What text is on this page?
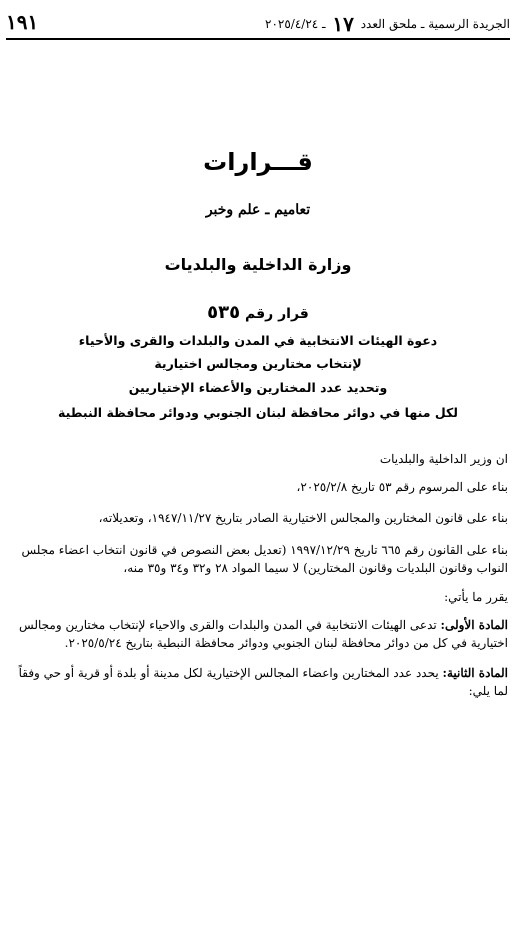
الجريدة الرسمية ـ ملحق العدد ١٧ ـ ٢٠٢٥/٤/٢٤
١٩١
قـــرارات
تعاميم ـ علم وخبر
وزارة الداخلية والبلديات
قرار رقم ٥٣٥
دعوة الهيئات الانتخابية في المدن والبلدات والقرى والأحياء
لإنتخاب مختارين ومجالس اختيارية
وتحديد عدد المختارين والأعضاء الإختياريين
لكل منها في دوائر محافظة لبنان الجنوبي ودوائر محافظة النبطية
ان وزير الداخلية والبلديات
بناء على المرسوم رقم ٥٣ تاريخ ٢٠٢٥/٢/٨،
بناء على قانون المختارين والمجالس الاختيارية الصادر بتاريخ ١٩٤٧/١١/٢٧، وتعديلاته،
بناء على القانون رقم ٦٦٥ تاريخ ١٩٩٧/١٢/٢٩ (تعديل بعض النصوص في قانون انتخاب اعضاء مجلس النواب وقانون البلديات وقانون المختارين) لا سيما المواد ٢٨ و٣٢ و٣٤ و٣٥ منه،
يقرر ما يأتي:
المادة الأولى: تدعى الهيئات الانتخابية في المدن والبلدات والقرى والاحياء لإنتخاب مختارين ومجالس اختيارية في كل من دوائر محافظة لبنان الجنوبي ودوائر محافظة النبطية بتاريخ ٢٠٢٥/٥/٢٤.
المادة الثانية: يحدد عدد المختارين واعضاء المجالس الإختيارية لكل مدينة أو بلدة أو قرية أو حي وفقاً لما يلي:
